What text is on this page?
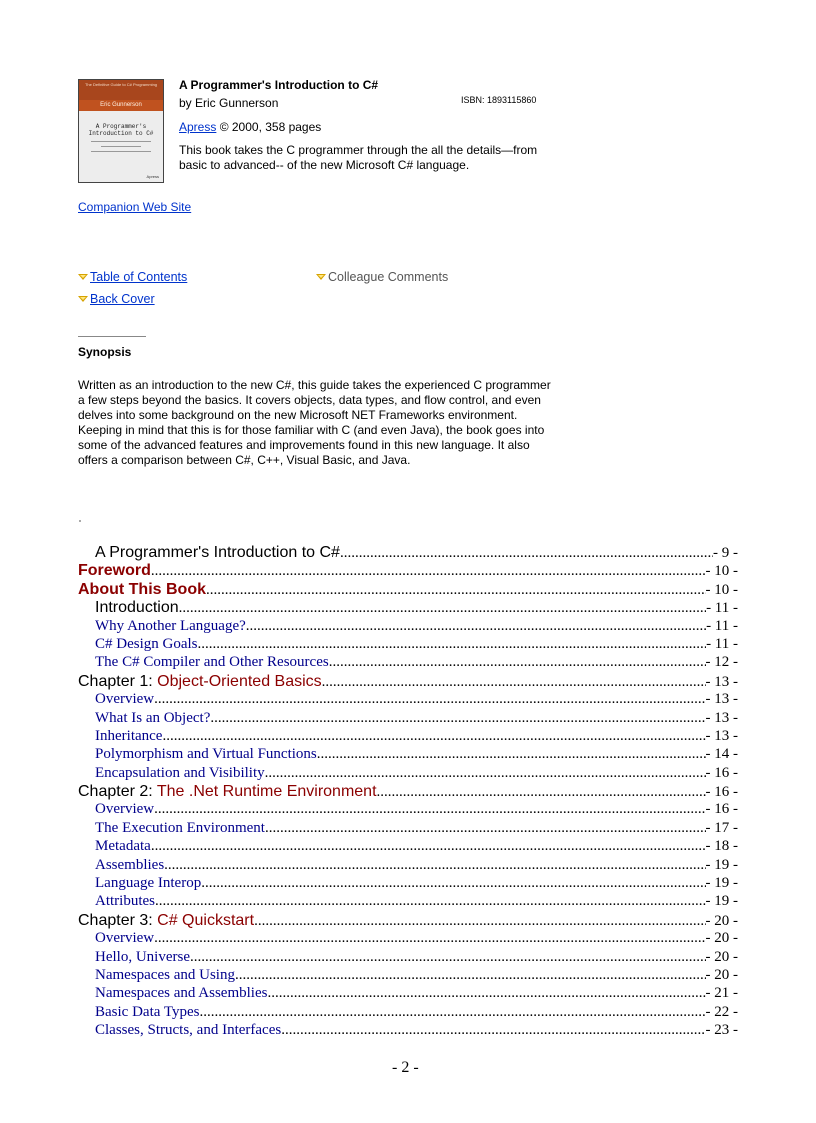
The Definitive Guide to C# Programming
Eric Gunnerson
A Programmer's
Introduction to C#
Apress
A Programmer's Introduction to C#
by Eric Gunnerson	ISBN: 1893115860
Apress © 2000, 358 pages
This book takes the C programmer through the all the details—from basic to advanced-- of the new Microsoft C# language.
Companion Web Site
Table of Contents	Colleague Comments
Back Cover
Synopsis
Written as an introduction to the new C#, this guide takes the experienced C programmer a few steps beyond the basics. It covers objects, data types, and flow control, and even delves into some background on the new Microsoft NET Frameworks environment. Keeping in mind that this is for those familiar with C (and even Java), the book goes into some of the advanced features and improvements found in this new language. It also offers a comparison between C#, C++, Visual Basic, and Java.
A Programmer's Introduction to C# .....	- 9 -
Foreword .....	- 10 -
About This Book .....	- 10 -
Introduction .....	- 11 -
Why Another Language? .....	- 11 -
C# Design Goals .....	- 11 -
The C# Compiler and Other Resources .....	- 12 -
Chapter 1: Object-Oriented Basics .....	- 13 -
Overview .....	- 13 -
What Is an Object? .....	- 13 -
Inheritance .....	- 13 -
Polymorphism and Virtual Functions .....	- 14 -
Encapsulation and Visibility .....	- 16 -
Chapter 2: The .Net Runtime Environment .....	- 16 -
Overview .....	- 16 -
The Execution Environment .....	- 17 -
Metadata .....	- 18 -
Assemblies .....	- 19 -
Language Interop .....	- 19 -
Attributes .....	- 19 -
Chapter 3: C# Quickstart .....	- 20 -
Overview .....	- 20 -
Hello, Universe .....	- 20 -
Namespaces and Using .....	- 20 -
Namespaces and Assemblies .....	- 21 -
Basic Data Types .....	- 22 -
Classes, Structs, and Interfaces .....	- 23 -
- 2 -
